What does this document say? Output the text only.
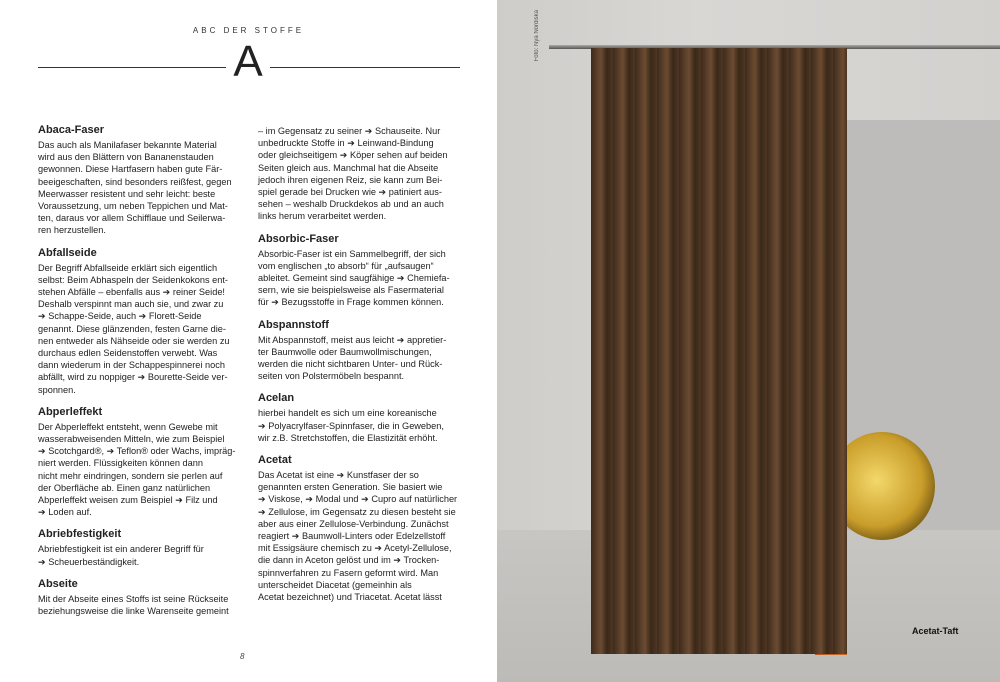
ABC DER STOFFE
A
Abaca-Faser

Das auch als Manilafaser bekannte Material
wird aus den Blättern von Bananenstauden
gewonnen. Diese Hartfasern haben gute Fär-
beeigeschaften, sind besonders reißfest, gegen
Meerwasser resistent und sehr leicht: beste
Voraussetzung, um neben Teppichen und Mat-
ten, daraus vor allem Schifflaue und Seilerwa-
ren herzustellen.

Abfallseide

Der Begriff Abfallseide erklärt sich eigentlich
selbst: Beim Abhaspeln der Seidenkokons ent-
stehen Abfälle – ebenfalls aus ➔ reiner Seide!
Deshalb verspinnt man auch sie, und zwar zu
➔ Schappe-Seide, auch ➔ Florett-Seide
genannt. Diese glänzenden, festen Garne die-
nen entweder als Nähseide oder sie werden zu
durchaus edlen Seidenstoffen verwebt. Was
dann wiederum in der Schappespinnerei noch
abfällt, wird zu noppiger ➔ Bourette-Seide ver-
sponnen.

Abperleffekt

Der Abperleffekt entsteht, wenn Gewebe mit
wasserabweisenden Mitteln, wie zum Beispiel
➔ Scotchgard®, ➔ Teflon® oder Wachs, impräg-
niert werden. Flüssigkeiten können dann
nicht mehr eindringen, sondern sie perlen auf
der Oberfläche ab. Einen ganz natürlichen
Abperleffekt weisen zum Beispiel ➔ Filz und
➔ Loden auf.

Abriebfestigkeit

Abriebfestigkeit ist ein anderer Begriff für
➔ Scheuerbeständigkeit.

Abseite

Mit der Abseite eines Stoffs ist seine Rückseite
beziehungsweise die linke Warenseite gemeint

– im Gegensatz zu seiner ➔ Schauseite. Nur
unbedruckte Stoffe in ➔ Leinwand-Bindung
oder gleichseitigem ➔ Köper sehen auf beiden
Seiten gleich aus. Manchmal hat die Abseite
jedoch ihren eigenen Reiz, sie kann zum Bei-
spiel gerade bei Drucken wie ➔ patiniert aus-
sehen – weshalb Druckdekos ab und an auch
links herum verarbeitet werden.

Absorbic-Faser

Absorbic-Faser ist ein Sammelbegriff, der sich
vom englischen „to absorb“ für „aufsaugen“
ableitet. Gemeint sind saugfähige ➔ Chemiefa-
sern, wie sie beispielsweise als Fasermaterial
für ➔ Bezugsstoffe in Frage kommen können.

Abspannstoff

Mit Abspannstoff, meist aus leicht ➔ appretier-
ter Baumwolle oder Baumwollmischungen,
werden die nicht sichtbaren Unter- und Rück-
seiten von Polstermöbeln bespannt.

Acelan

hierbei handelt es sich um eine koreanische
➔ Polyacrylfaser-Spinnfaser, die in Geweben,
wir z.B. Stretchstoffen, die Elastizität erhöht.

Acetat

Das Acetat ist eine ➔ Kunstfaser der so
genannten ersten Generation. Sie basiert wie
➔ Viskose, ➔ Modal und ➔ Cupro auf natürlicher
➔ Zellulose, im Gegensatz zu diesen besteht sie
aber aus einer Zellulose-Verbindung. Zunächst
reagiert ➔ Baumwoll-Linters oder Edelzellstoff
mit Essigsäure chemisch zu ➔ Acetyl-Zellulose,
die dann in Aceton gelöst und im ➔ Trocken-
spinnverfahren zu Fasern geformt wird. Man
unterscheidet Diacetat (gemeinhin als
Acetat bezeichnet) und Triacetat. Acetat lässt

8
Foto: Nya Nordiska
Acetat-Taft
